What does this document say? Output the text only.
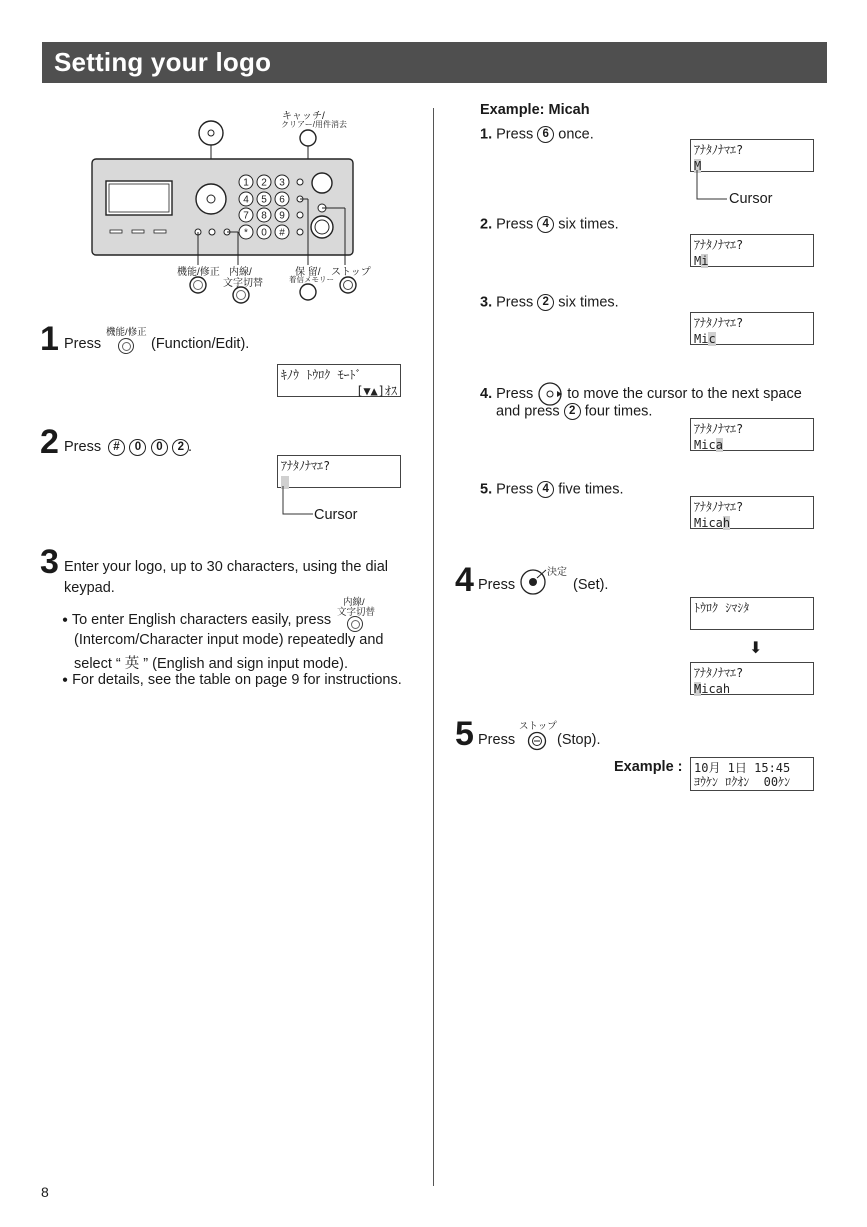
Setting your logo
1 2 3
4 5 6
7 8 9
* 0 #
キャッチ/
クリアー/用件消去
機能/修正 内線/
文字切替
保 留/
着信メモリー
ストップ
1	機能/修正
Press	(Function/Edit).
ｷﾉｳ ﾄｳﾛｸ ﾓｰﾄﾞ

[▼▲]ｵｽ
2 Press	# 0 0 2 .
ｱﾅﾀﾉﾅﾏｴ?

Cursor
3 Enter your logo, up to 30 characters, using the dial
keypad.
内線/
文字切替
● To enter English characters easily, press
(Intercom/Character input mode) repeatedly and
select “ 英 ” (English and sign input mode).
● For details, see the table on page 9 for instructions.
Example: Micah
1. Press 6 once.
ｱﾅﾀﾉﾅﾏｴ?
M
Cursor
2. Press 4 six times.
ｱﾅﾀﾉﾅﾏｴ?
Mi
3. Press 2 six times.
ｱﾅﾀﾉﾅﾏｴ?
Mic
4. Press to move the cursor to the next space
and press 2 four times.
ｱﾅﾀﾉﾅﾏｴ?
Mica
5. Press 4 five times.
ｱﾅﾀﾉﾅﾏｴ?
Micah
4 Press
決定
(Set).
ﾄｳﾛｸ ｼﾏｼﾀ
⬇
ｱﾅﾀﾉﾅﾏｴ?
Micah
5	ストップ
Press	(Stop).
Example : 10月 1日 15:45
ﾖｳｹﾝ ﾛｸｵﾝ  00ｹﾝ
8
